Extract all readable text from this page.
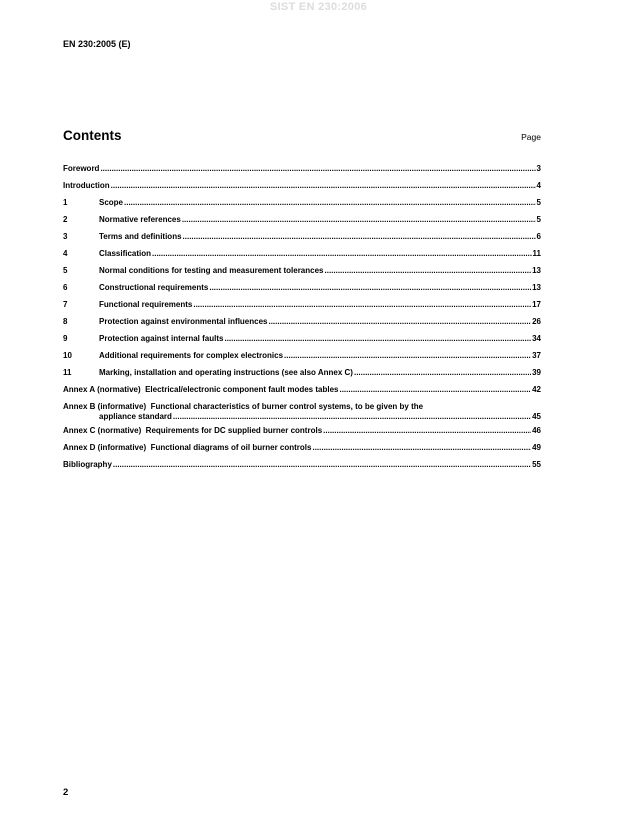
SIST EN 230:2006
EN 230:2005 (E)
Contents	Page
Foreword .....	3
Introduction .....	4
1	Scope .....	5
2	Normative references .....	5
3	Terms and definitions .....	6
4	Classification .....	11
5	Normal conditions for testing and measurement tolerances .....	13
6	Constructional requirements .....	13
7	Functional requirements .....	17
8	Protection against environmental influences .....	26
9	Protection against internal faults .....	34
10	Additional requirements for complex electronics .....	37
11	Marking, installation and operating instructions (see also Annex C) .....	39
Annex A (normative)  Electrical/electronic component fault modes tables .....	42
Annex B (informative)  Functional characteristics of burner control systems, to be given by the
appliance standard .....	45
Annex C (normative)  Requirements for DC supplied burner controls .....	46
Annex D (informative)  Functional diagrams of oil burner controls .....	49
Bibliography .....	55
2
